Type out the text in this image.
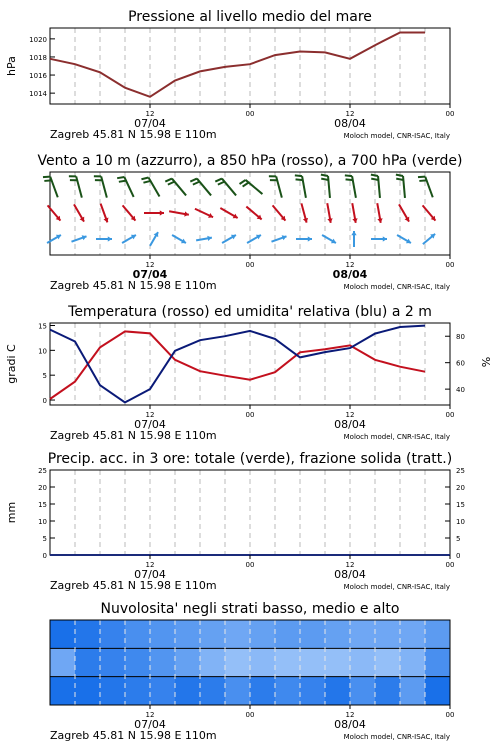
1014
1016
1018
1020
Pressione al livello medio del mare
hPa
12	00	12	00
07/04	08/04
Zagreb 45.81 N 15.98 E 110m	Moloch model, CNR-ISAC, Italy
Vento a 10 m (azzurro), a 850 hPa (rosso), a 700 hPa (verde)
12	00	12	00
07/04	08/04
Zagreb 45.81 N 15.98 E 110m	Moloch model, CNR-ISAC, Italy
0
5
10
15
40
60
80
Temperatura (rosso) ed umidita' relativa (blu) a 2 m
gradi C	%
12	00	12	00
07/04	08/04
Zagreb 45.81 N 15.98 E 110m	Moloch model, CNR-ISAC, Italy
0
5
10
15
20
25
0
5
10
15
20
25
Precip. acc. in 3 ore: totale (verde), frazione solida (tratt.)
mm
12	00	12	00
07/04	08/04
Zagreb 45.81 N 15.98 E 110m	Moloch model, CNR-ISAC, Italy
Nuvolosita' negli strati basso, medio e alto
12	00	12	00
07/04	08/04
Zagreb 45.81 N 15.98 E 110m	Moloch model, CNR-ISAC, Italy
